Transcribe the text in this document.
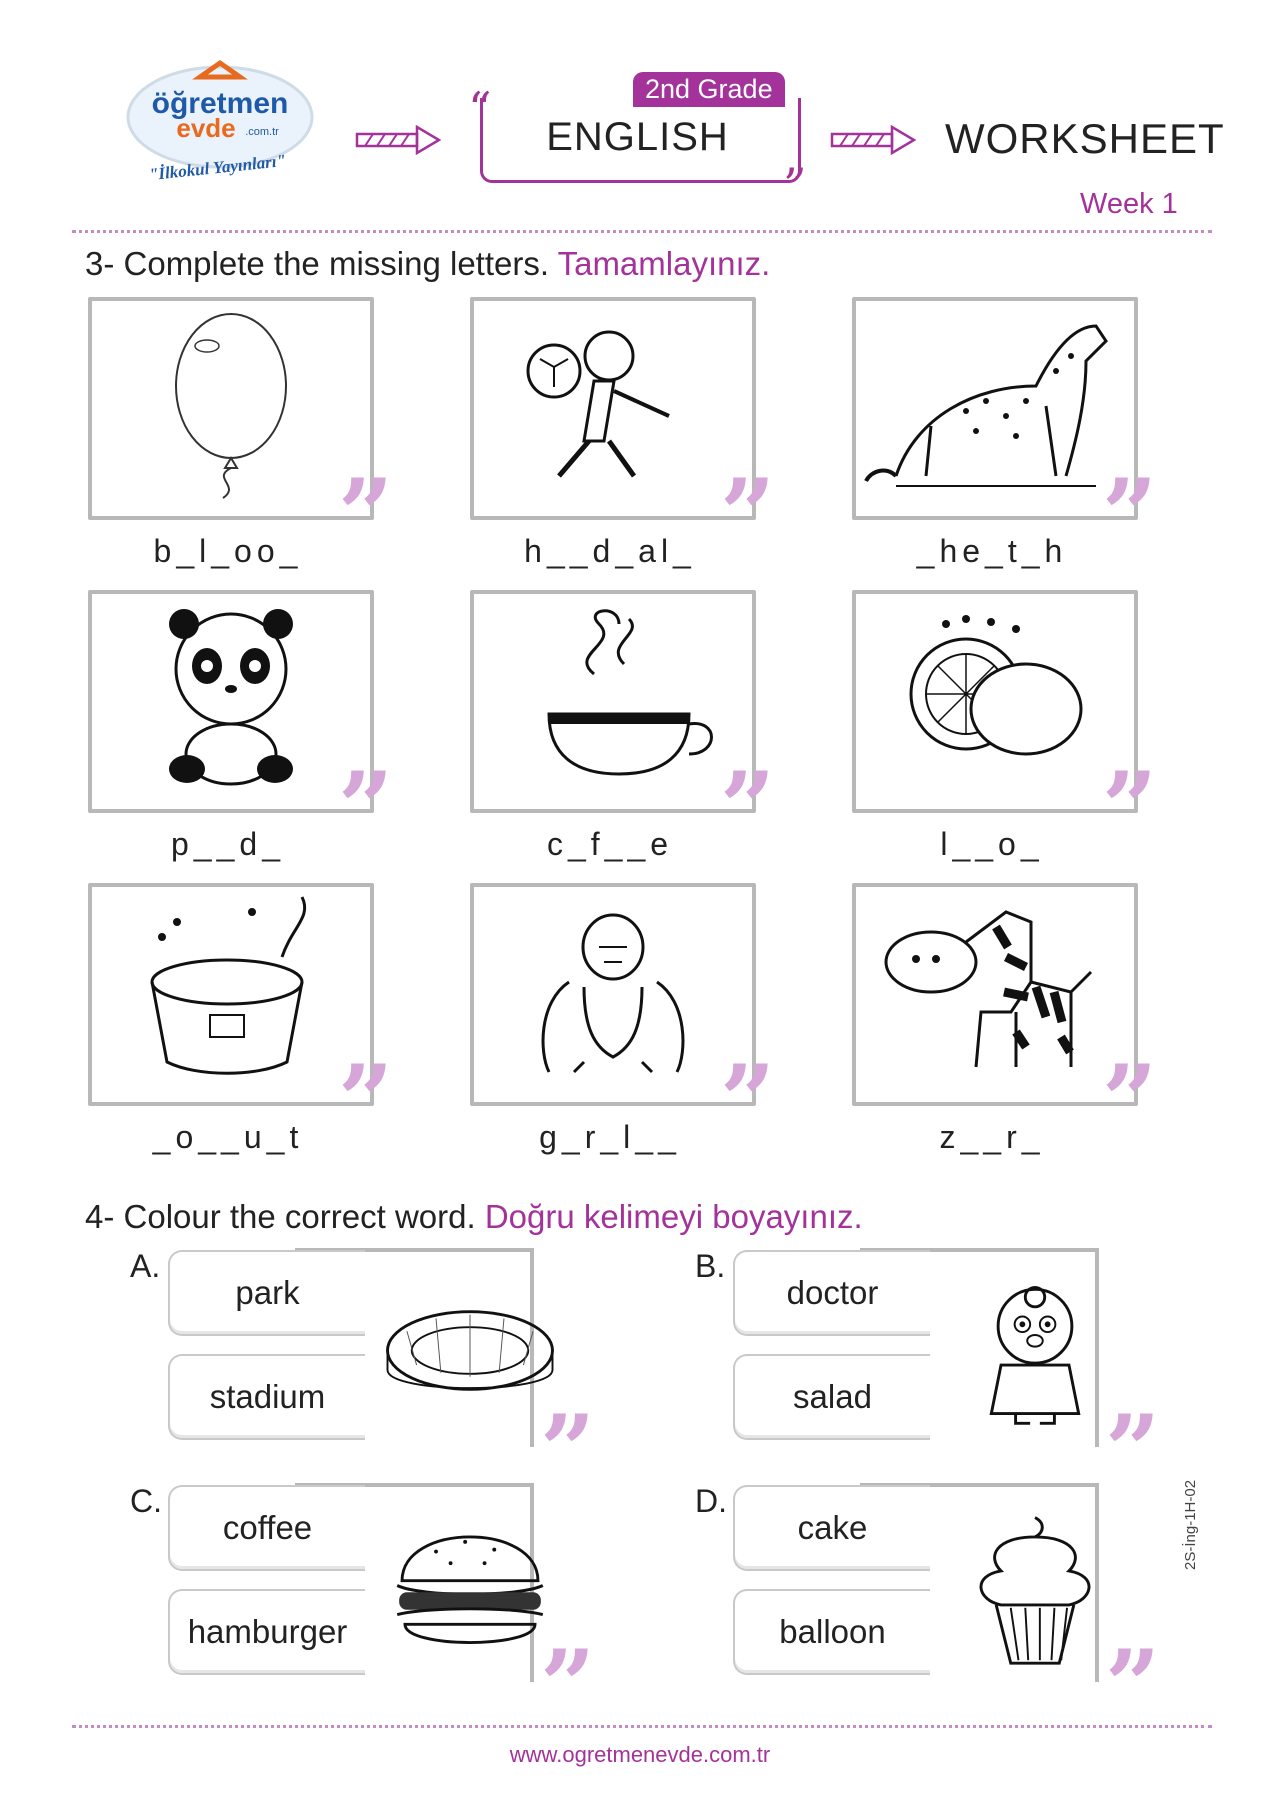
öğretmen
evde .com.tr
"İlkokul Yayınları"
“
”
2nd Grade
ENGLISH	WORKSHEET
Week 1
3- Complete the missing letters. Tamamlayınız.
”
b_l_oo_	”
h__d_al_	”
_he_t_h
”
p__d_	”
c_f__e	”
l__o_
”
_o__u_t	”
g_r_l__	”
z__r_
4- Colour the correct word. Doğru kelimeyi boyayınız.
A.
park
stadium	”
B.
doctor
salad	”
C.
coffee
hamburger ”
D.
cake
balloon	”
www.ogretmenevde.com.tr
2S-İng-1H-02
